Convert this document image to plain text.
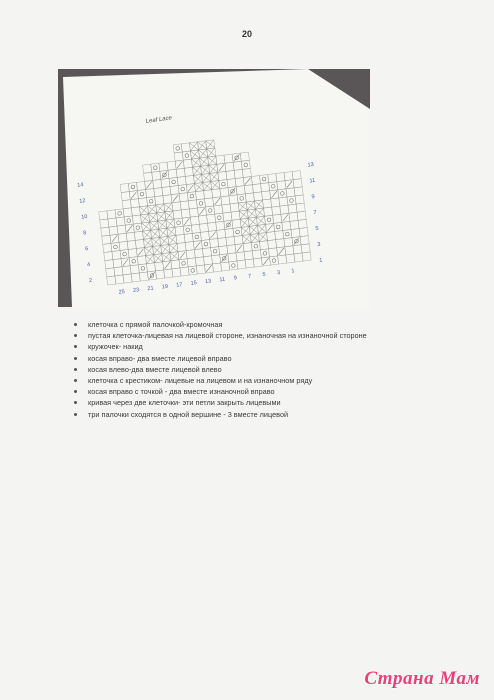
20
Leaf Lace
14
12
10
8
6
4
2
13
11
9
7
5
3
1
25 23 21 19 17 15 13 11 9 7 5 3 1
клеточка с прямой палочкой-кромочная
пустая клеточка-лицевая на лицевой стороне, изнаночная на изнаночной стороне
кружочек- накид
косая вправо- два вместе лицевой вправо
косая влево-два вместе лицевой влево
клеточка с крестиком- лицевые на лицевом и на изнаночном ряду
косая вправо с точкой - два вместе изнаночной вправо
кривая через две клеточки- эти петли закрыть лицевыми
три палочки сходятся в одной вершине - 3 вместе лицевой
Страна Мам
